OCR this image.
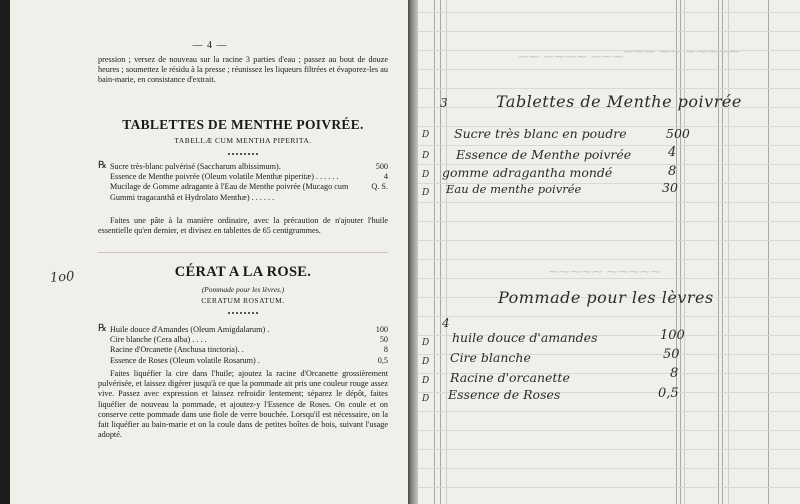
— 4 —

pression ; versez de nouveau sur la racine 3 parties d'eau ; passez au bout de douze heures ; soumettez le résidu à la presse ; réunissez les liqueurs filtrées et évaporez-les au bain-marie, en consistance d'extrait.

TABLETTES DE MENTHE POIVRÉE.
TABELLÆ CUM MENTHA PIPERITA.
℞ Sucre très-blanc pulvérisé (Saccharum albissimum).	500
Essence de Menthe poivrée (Oleum volatile Menthæ piperitæ) . . . . . .	4
Mucilage de Gomme adragante à l'Eau de Menthe poivrée (Mucago cum Gummi tragacanthâ et Hydrolato Menthæ) . . . . . .
Q. S.

Faites une pâte à la manière ordinaire, avec la précaution de n'ajouter l'huile essentielle qu'en dernier, et divisez en tablettes de 65 centigrammes.

1o0	CÉRAT A LA ROSE.
(Pommade pour les lèvres.)
CERATUM ROSATUM.
℞ Huile douce d'Amandes (Oleum Amigdalarum) .	100
Cire blanche (Cera alba) . . . .	50
Racine d'Orcanette (Anchusa tinctoria). .	8
Essence de Roses (Oleum volatile Rosarum) .	0,5

Faites liquéfier la cire dans l'huile; ajoutez la racine d'Orcanette grossièrement pulvérisée, et laissez digérer jusqu'à ce que la pommade ait pris une couleur rouge assez vive. Passez avec expression et laissez refroidir lentement; séparez le dépôt, faites liquéfier de nouveau la pommade, et ajoutez-y l'Essence de Roses. On coule et on conserve cette pommade dans une fiole de verre bouchée. Lorsqu'il est nécessaire, on la fait liquéfier au bain-marie et on la coule dans de petites boîtes de bois, suivant l'usage adopté.

⁓⁓ ⁓⁓⁓⁓ ⁓⁓⁓ ⁓⁓⁓ ⁓⁓ ⁓⁓⁓⁓⁓
⁓⁓⁓⁓⁓ ⁓⁓⁓⁓⁓
3	Tablettes de Menthe poivrée
D Sucre très blanc en poudre	500
D Essence de Menthe poivrée	4
D gomme adragantha mondé	8
D Eau de menthe poivrée	30
Pommade pour les lèvres
4
D huile douce d'amandes	100
D Cire blanche	50
D Racine d'orcanette	8
D Essence de Roses	0,5
